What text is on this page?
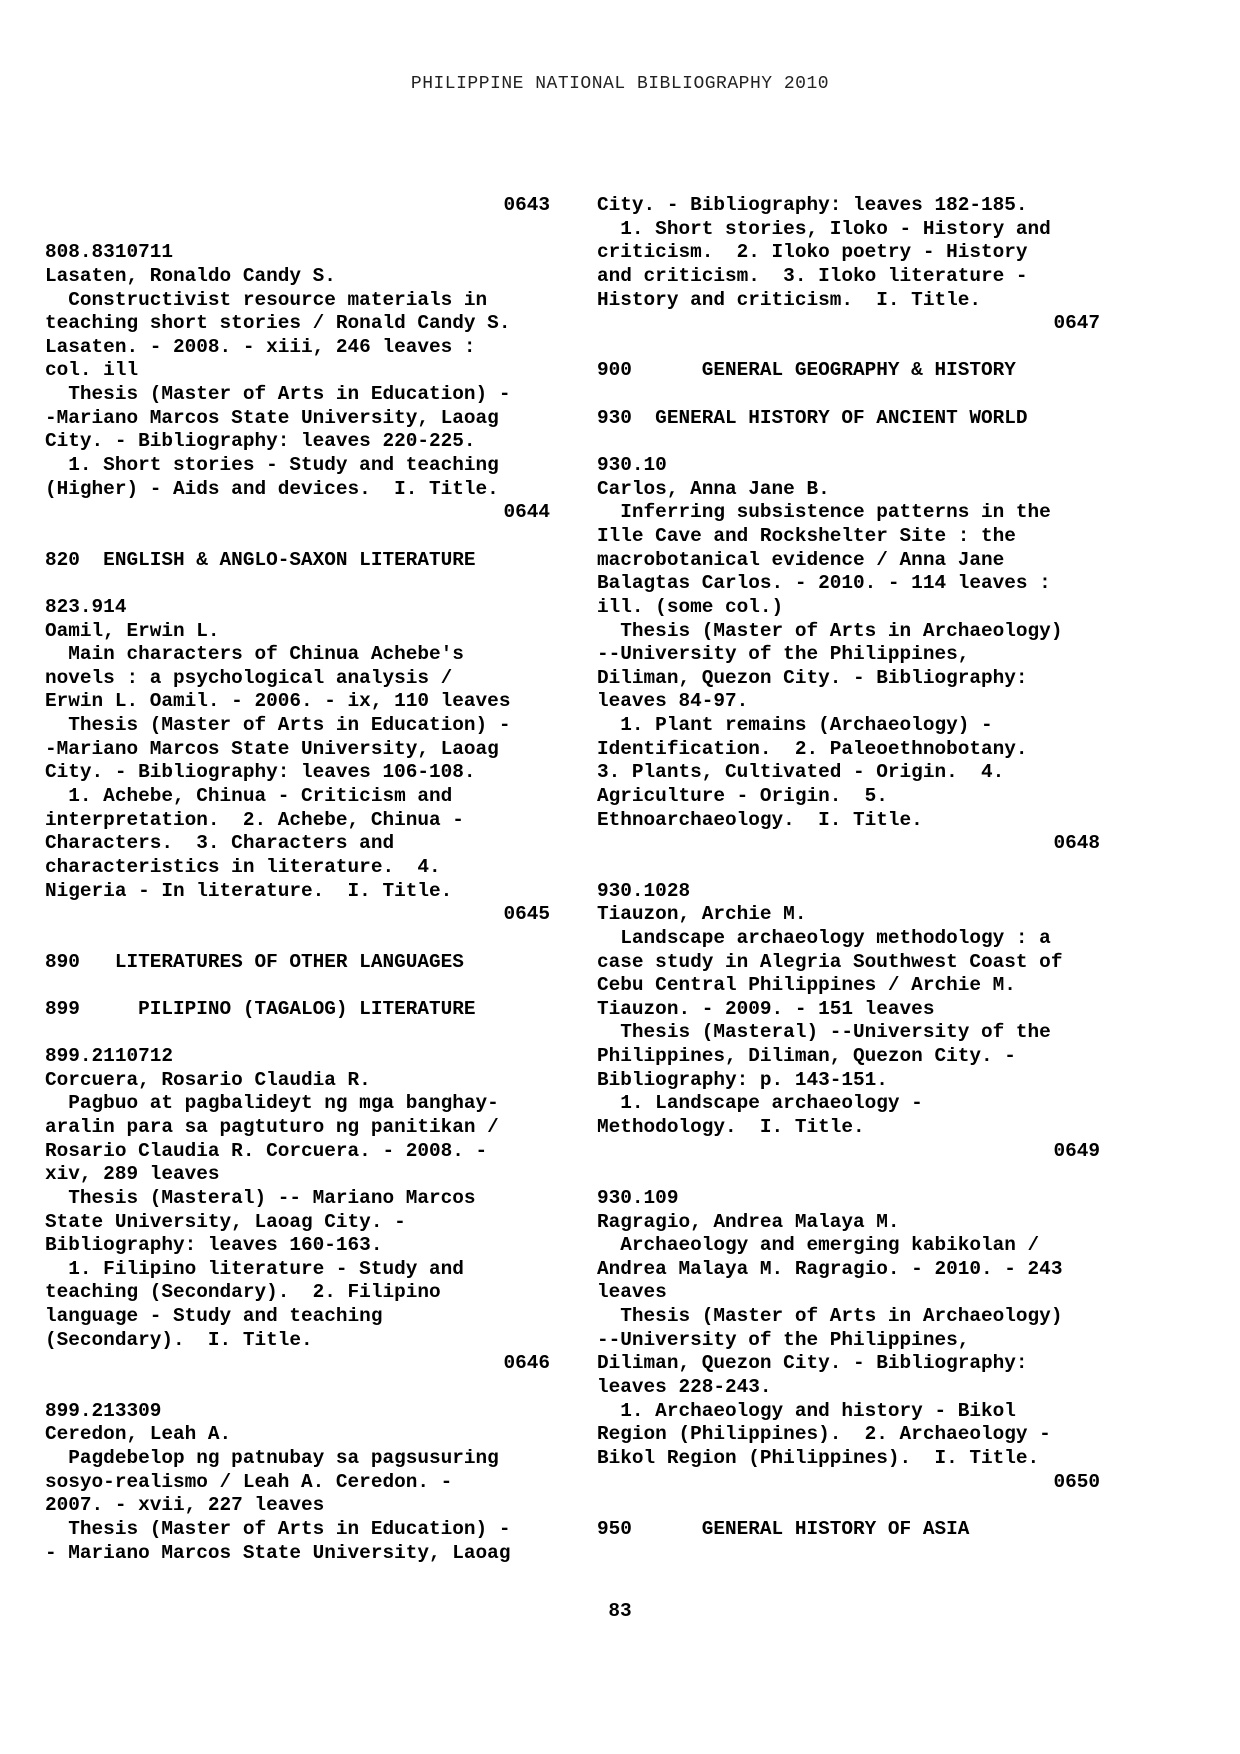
PHILIPPINE NATIONAL BIBLIOGRAPHY 2010
0643
808.8310711
Lasaten, Ronaldo Candy S.
Constructivist resource materials in
teaching short stories / Ronald Candy S.
Lasaten. - 2008. - xiii, 246 leaves :
col. ill
Thesis (Master of Arts in Education) -
-Mariano Marcos State University, Laoag
City. - Bibliography: leaves 220-225.
1. Short stories - Study and teaching
(Higher) - Aids and devices.  I. Title.
0644
820  ENGLISH & ANGLO-SAXON LITERATURE
823.914
Oamil, Erwin L.
Main characters of Chinua Achebe's
novels : a psychological analysis /
Erwin L. Oamil. - 2006. - ix, 110 leaves
Thesis (Master of Arts in Education) -
-Mariano Marcos State University, Laoag
City. - Bibliography: leaves 106-108.
1. Achebe, Chinua - Criticism and
interpretation.  2. Achebe, Chinua -
Characters.  3. Characters and
characteristics in literature.  4.
Nigeria - In literature.  I. Title.
0645
890   LITERATURES OF OTHER LANGUAGES
899     PILIPINO (TAGALOG) LITERATURE
899.2110712
Corcuera, Rosario Claudia R.
Pagbuo at pagbalideyt ng mga banghay-
aralin para sa pagtuturo ng panitikan /
Rosario Claudia R. Corcuera. - 2008. -
xiv, 289 leaves
Thesis (Masteral) -- Mariano Marcos
State University, Laoag City. -
Bibliography: leaves 160-163.
1. Filipino literature - Study and
teaching (Secondary).  2. Filipino
language - Study and teaching
(Secondary).  I. Title.
0646
899.213309
Ceredon, Leah A.
Pagdebelop ng patnubay sa pagsusuring
sosyo-realismo / Leah A. Ceredon. -
2007. - xvii, 227 leaves
Thesis (Master of Arts in Education) -
- Mariano Marcos State University, Laoag
City. - Bibliography: leaves 182-185.
1. Short stories, Iloko - History and
criticism.  2. Iloko poetry - History
and criticism.  3. Iloko literature -
History and criticism.  I. Title.
0647
900      GENERAL GEOGRAPHY & HISTORY
930  GENERAL HISTORY OF ANCIENT WORLD
930.10
Carlos, Anna Jane B.
Inferring subsistence patterns in the
Ille Cave and Rockshelter Site : the
macrobotanical evidence / Anna Jane
Balagtas Carlos. - 2010. - 114 leaves :
ill. (some col.)
Thesis (Master of Arts in Archaeology)
--University of the Philippines,
Diliman, Quezon City. - Bibliography:
leaves 84-97.
1. Plant remains (Archaeology) -
Identification.  2. Paleoethnobotany.
3. Plants, Cultivated - Origin.  4.
Agriculture - Origin.  5.
Ethnoarchaeology.  I. Title.
0648
930.1028
Tiauzon, Archie M.
Landscape archaeology methodology : a
case study in Alegria Southwest Coast of
Cebu Central Philippines / Archie M.
Tiauzon. - 2009. - 151 leaves
Thesis (Masteral) --University of the
Philippines, Diliman, Quezon City. -
Bibliography: p. 143-151.
1. Landscape archaeology -
Methodology.  I. Title.
0649
930.109
Ragragio, Andrea Malaya M.
Archaeology and emerging kabikolan /
Andrea Malaya M. Ragragio. - 2010. - 243
leaves
Thesis (Master of Arts in Archaeology)
--University of the Philippines,
Diliman, Quezon City. - Bibliography:
leaves 228-243.
1. Archaeology and history - Bikol
Region (Philippines).  2. Archaeology -
Bikol Region (Philippines).  I. Title.
0650
950      GENERAL HISTORY OF ASIA
83
